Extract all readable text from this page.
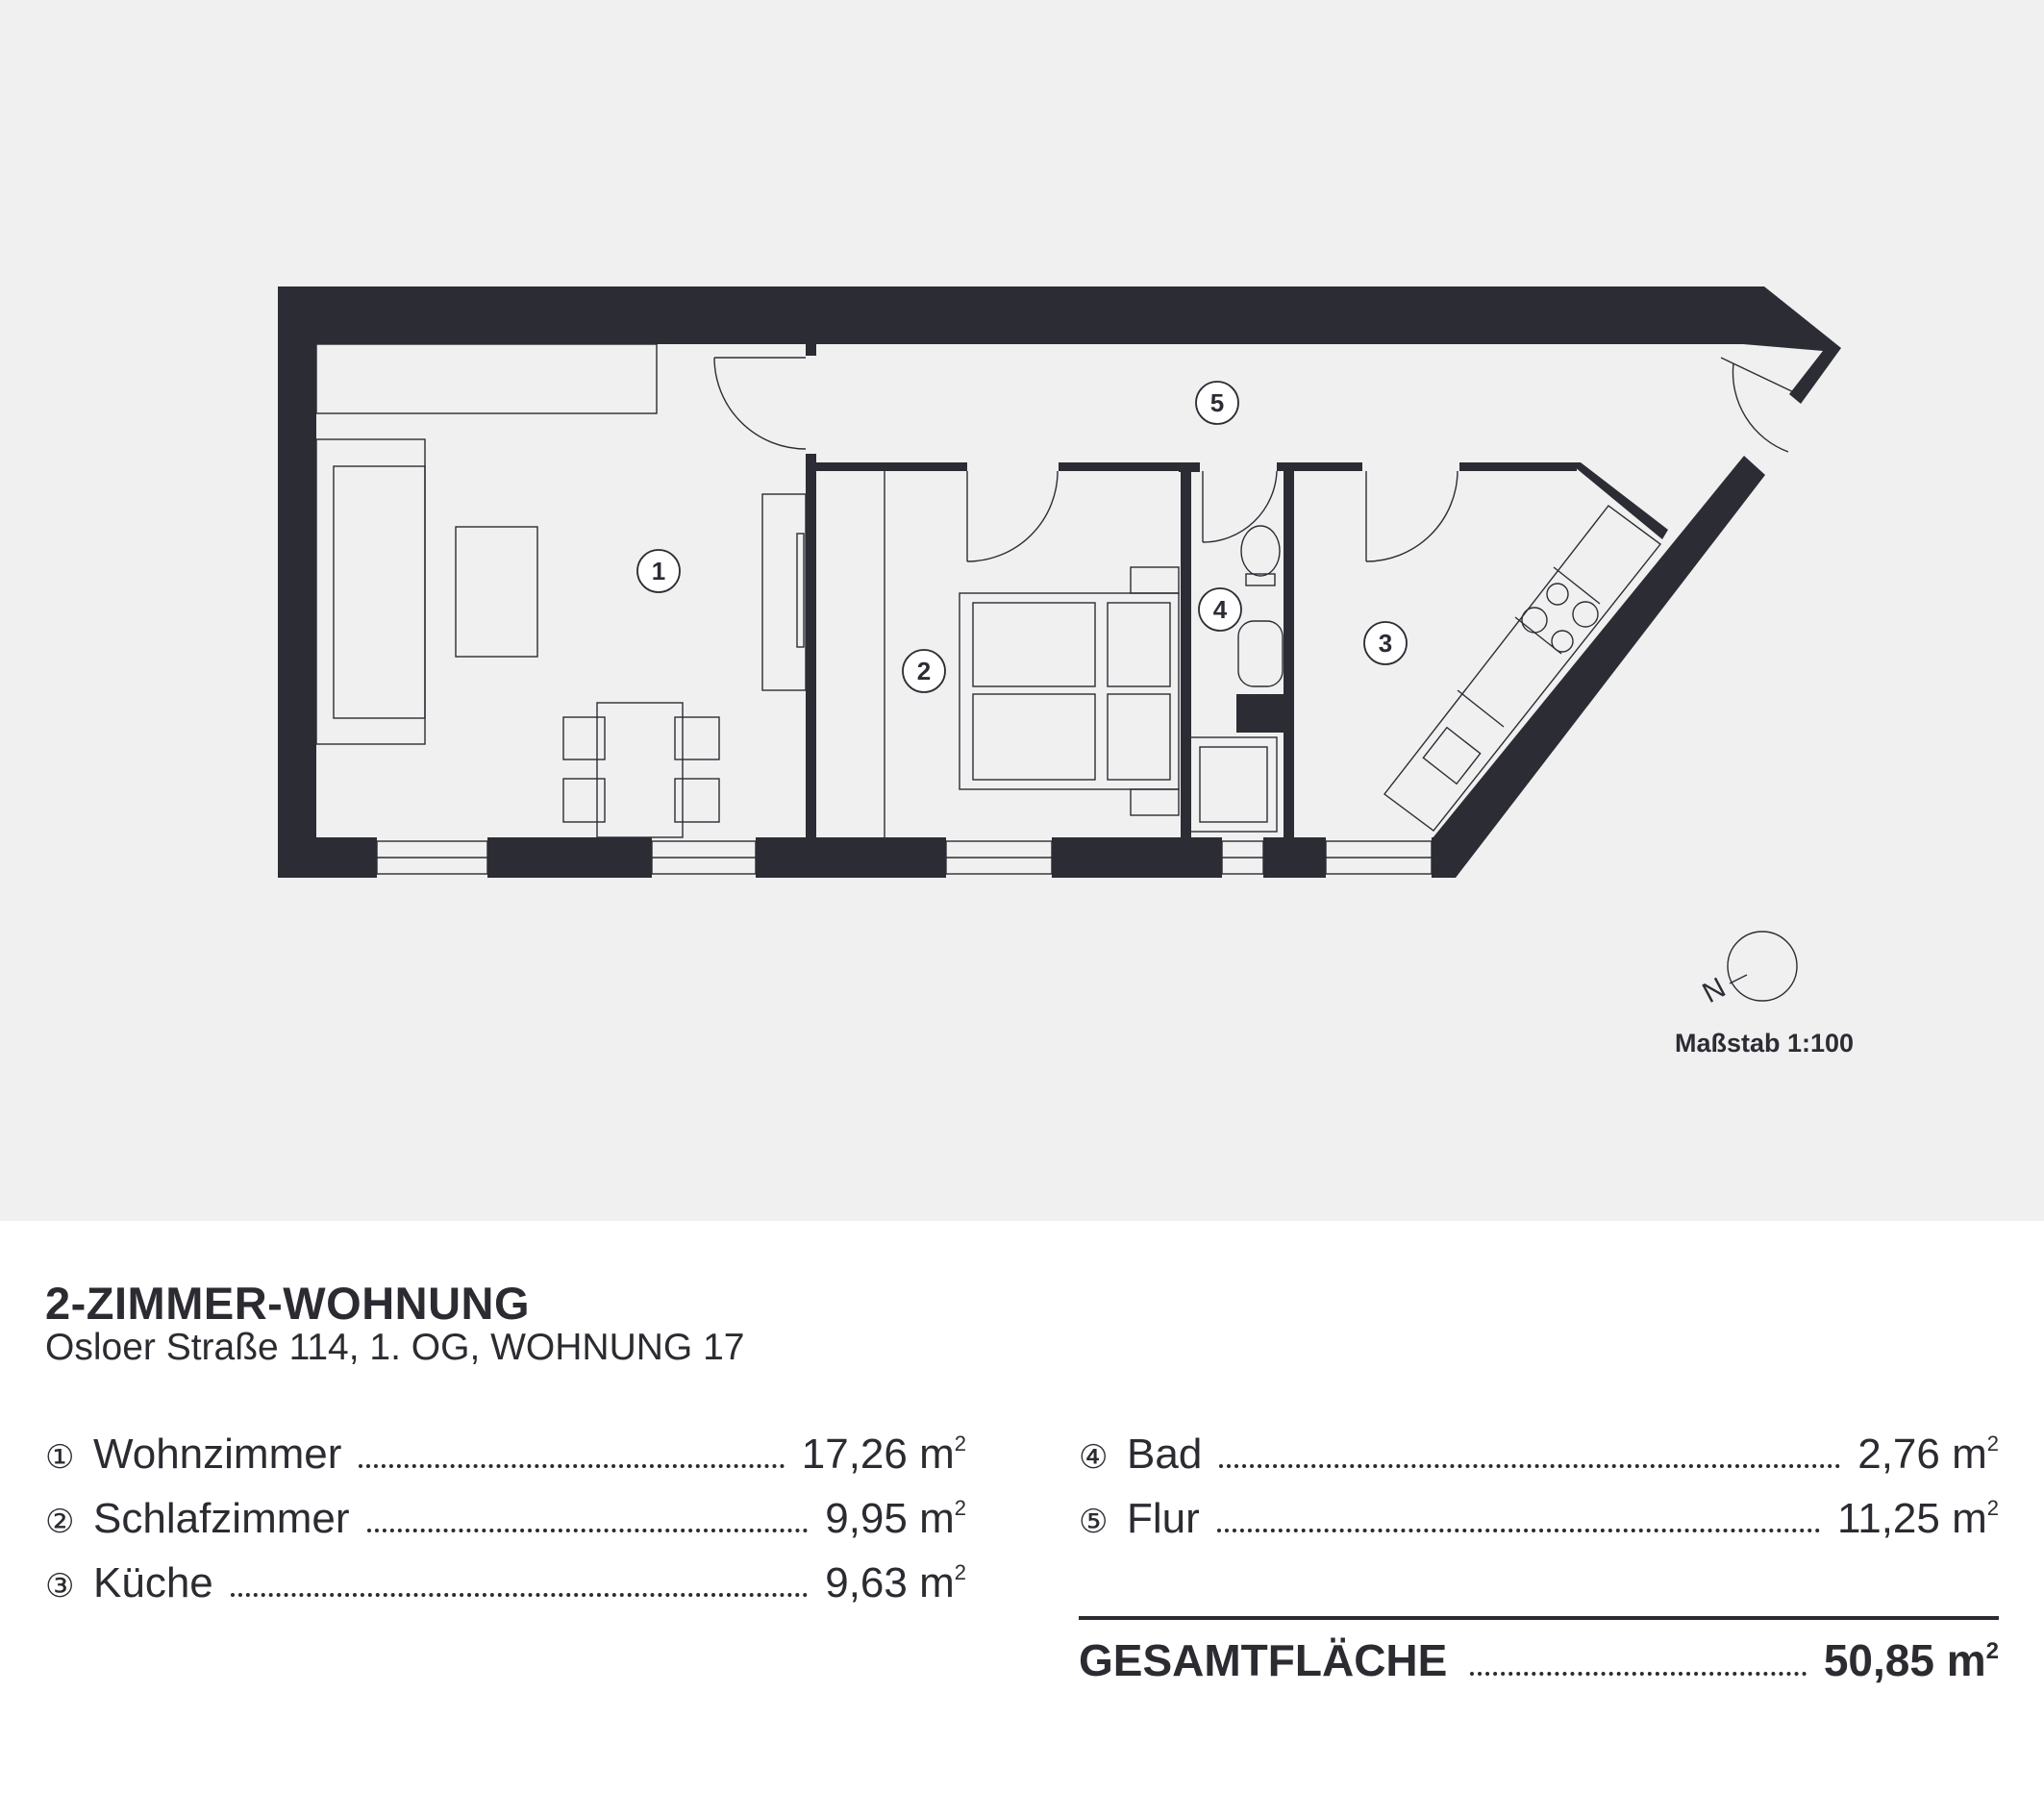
1
2
3
4
5
N
Maßstab 1:100
2-ZIMMER-WOHNUNG
Osloer Straße 114, 1. OG, WOHNUNG 17
① Wohnzimmer	17,26 $m^2$
② Schlafzimmer	9,95 $m^2$
③ Küche	9,63 $m^2$
④ Bad	2,76 $m^2$
⑤ Flur	11,25 $m^2$
GESAMTFLÄCHE	50,85 $m^2$
